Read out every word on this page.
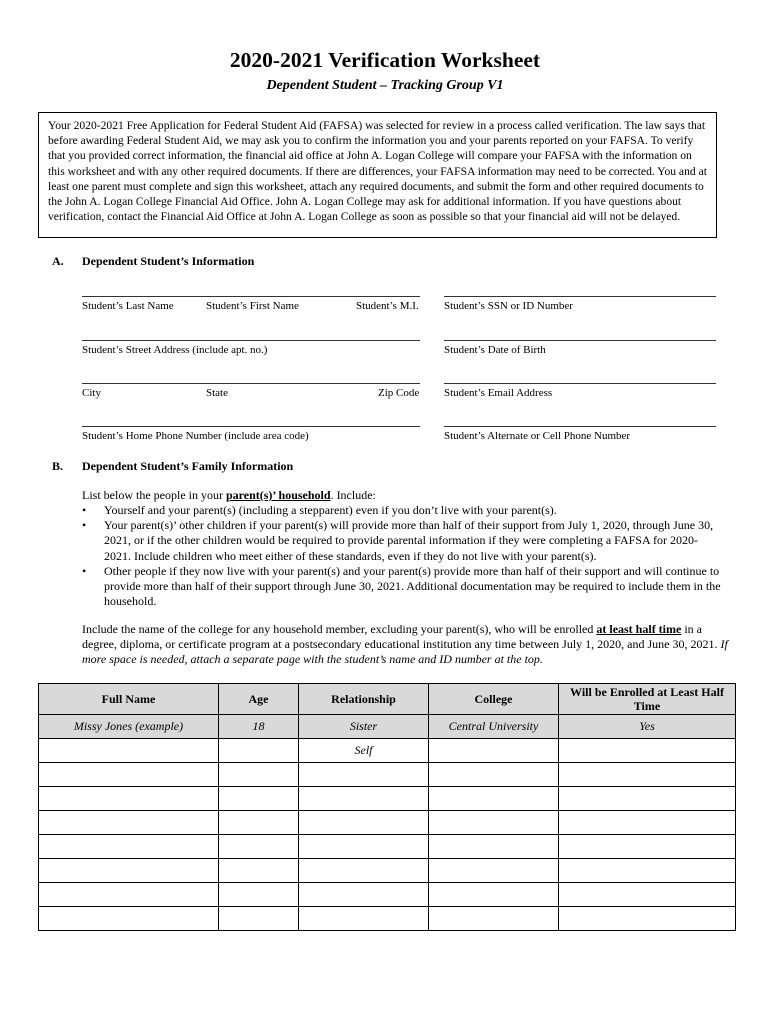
2020-2021 Verification Worksheet
Dependent Student – Tracking Group V1
Your 2020-2021 Free Application for Federal Student Aid (FAFSA) was selected for review in a process called verification. The law says that before awarding Federal Student Aid, we may ask you to confirm the information you and your parents reported on your FAFSA. To verify that you provided correct information, the financial aid office at John A. Logan College will compare your FAFSA with the information on this worksheet and with any other required documents. If there are differences, your FAFSA information may need to be corrected. You and at least one parent must complete and sign this worksheet, attach any required documents, and submit the form and other required documents to the John A. Logan College Financial Aid Office. John A. Logan College may ask for additional information. If you have questions about verification, contact the Financial Aid Office at John A. Logan College as soon as possible so that your financial aid will not be delayed.
A. Dependent Student’s Information
Student’s Last Name	Student’s First Name	Student’s M.I. Student’s SSN or ID Number
Student’s Street Address (include apt. no.)	Student’s Date of Birth
City	State	Zip Code Student’s Email Address
Student’s Home Phone Number (include area code)	Student’s Alternate or Cell Phone Number
B. Dependent Student’s Family Information
List below the people in your parent(s)’ household. Include:
• Yourself and your parent(s) (including a stepparent) even if you don’t live with your parent(s).
• Your parent(s)’ other children if your parent(s) will provide more than half of their support from July 1, 2020, through June 30, 2021, or if the other children would be required to provide parental information if they were completing a FAFSA for 2020-2021. Include children who meet either of these standards, even if they do not live with your parent(s).
• Other people if they now live with your parent(s) and your parent(s) provide more than half of their support and will continue to provide more than half of their support through June 30, 2021. Additional documentation may be required to include them in the household.
Include the name of the college for any household member, excluding your parent(s), who will be enrolled at least half time in a degree, diploma, or certificate program at a postsecondary educational institution any time between July 1, 2020, and June 30, 2021. If more space is needed, attach a separate page with the student’s name and ID number at the top.
Full Name	Age	Relationship	College	Will be Enrolled at Least Half Time
Missy Jones (example)	18	Sister	Central University	Yes
		Self		
